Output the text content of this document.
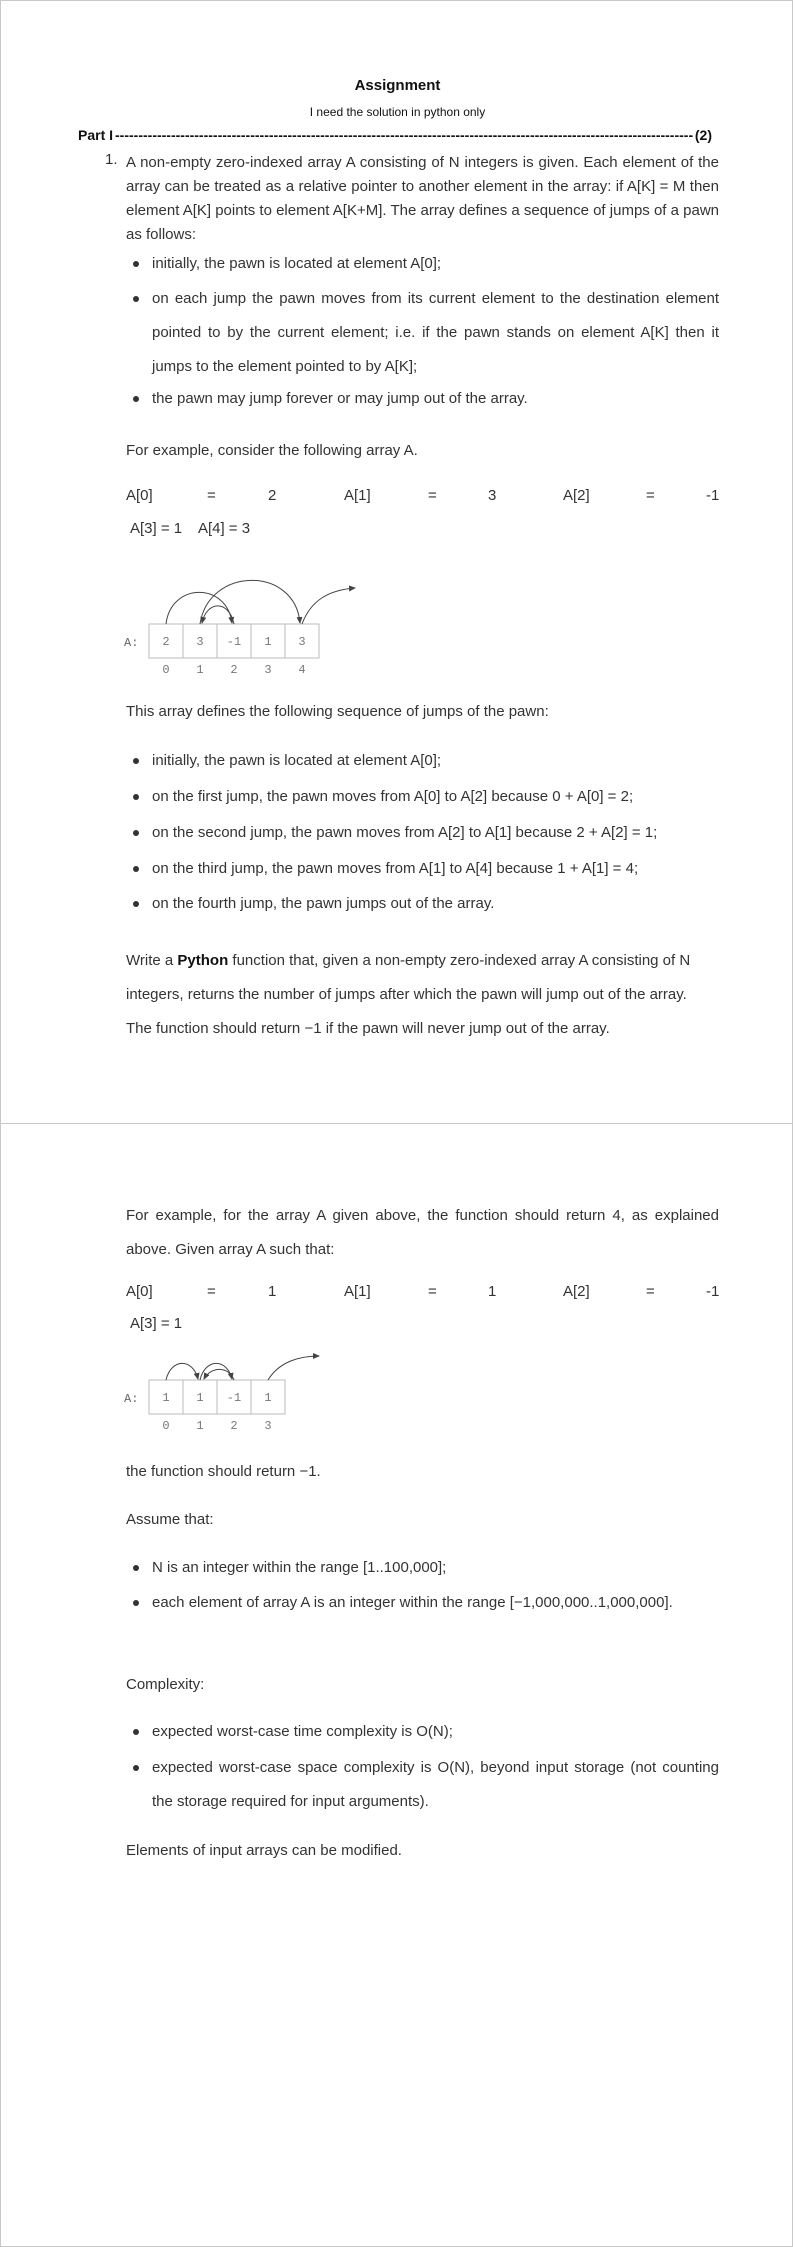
Assignment
I need the solution in python only
Part I
-----	(2)
1. A non-empty zero-indexed array A consisting of N integers is given. Each element of the array can be treated as a relative pointer to another element in the array: if A[K] = M then element A[K] points to element A[K+M]. The array defines a sequence of jumps of a pawn as follows:
initially, the pawn is located at element A[0];
on each jump the pawn moves from its current element to the destination element pointed to by the current element; i.e. if the pawn stands on element A[K] then it jumps to the element pointed to by A[K];
the pawn may jump forever or may jump out of the array.
For example, consider the following array A.
A[0]	=	2	A[1]	=	3	A[2]	=	-1
A[3] = 1    A[4] = 3
A: 2 3 -1 1 3
0 1 2 3 4
This array defines the following sequence of jumps of the pawn:
initially, the pawn is located at element A[0];
on the first jump, the pawn moves from A[0] to A[2] because 0 + A[0] = 2;
on the second jump, the pawn moves from A[2] to A[1] because 2 + A[2] = 1;
on the third jump, the pawn moves from A[1] to A[4] because 1 + A[1] = 4;
on the fourth jump, the pawn jumps out of the array.
Write a Python function that, given a non-empty zero-indexed array A consisting of N
integers, returns the number of jumps after which the pawn will jump out of the array.
The function should return −1 if the pawn will never jump out of the array.
For example, for the array A given above, the function should return 4, as explained above. Given array A such that:
A[0]	=	1	A[1]	=	1	A[2]	=	-1
A[3] = 1
A: 1 1 -1 1
0 1 2 3
the function should return −1.
Assume that:
N is an integer within the range [1..100,000];
each element of array A is an integer within the range [−1,000,000..1,000,000].
Complexity:
expected worst-case time complexity is O(N);
expected worst-case space complexity is O(N), beyond input storage (not counting the storage required for input arguments).
Elements of input arrays can be modified.
